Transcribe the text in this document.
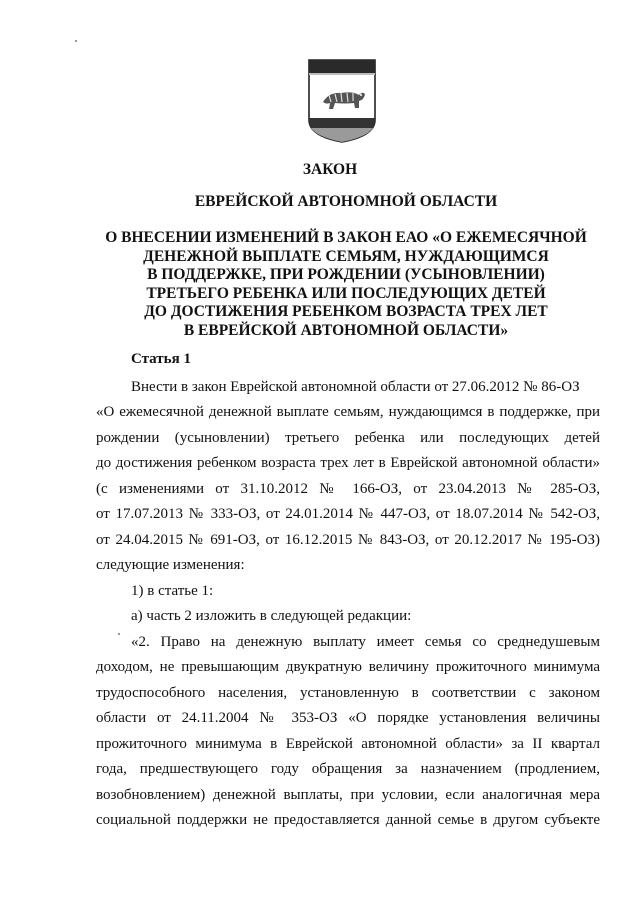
ЗАКОН
ЕВРЕЙСКОЙ АВТОНОМНОЙ ОБЛАСТИ
О ВНЕСЕНИИ ИЗМЕНЕНИЙ В ЗАКОН ЕАО «О ЕЖЕМЕСЯЧНОЙ
ДЕНЕЖНОЙ ВЫПЛАТЕ СЕМЬЯМ, НУЖДАЮЩИМСЯ
В ПОДДЕРЖКЕ, ПРИ РОЖДЕНИИ (УСЫНОВЛЕНИИ)
ТРЕТЬЕГО РЕБЕНКА ИЛИ ПОСЛЕДУЮЩИХ ДЕТЕЙ
ДО ДОСТИЖЕНИЯ РЕБЕНКОМ ВОЗРАСТА ТРЕХ ЛЕТ
В ЕВРЕЙСКОЙ АВТОНОМНОЙ ОБЛАСТИ»
Статья 1
Внести в закон Еврейской автономной области от 27.06.2012 № 86-ОЗ
«О ежемесячной денежной выплате семьям, нуждающимся в поддержке, при
рождении (усыновлении) третьего ребенка или последующих детей
до достижения ребенком возраста трех лет в Еврейской автономной области»
(с изменениями от 31.10.2012 № 166-ОЗ, от 23.04.2013 № 285-ОЗ,
от 17.07.2013 № 333-ОЗ, от 24.01.2014 № 447-ОЗ, от 18.07.2014 № 542-ОЗ,
от 24.04.2015 № 691-ОЗ, от 16.12.2015 № 843-ОЗ, от 20.12.2017 № 195-ОЗ)
следующие изменения:
1) в статье 1:
а) часть 2 изложить в следующей редакции:
«2. Право на денежную выплату имеет семья со среднедушевым
доходом, не превышающим двукратную величину прожиточного минимума
трудоспособного населения, установленную в соответствии с законом
области от 24.11.2004 № 353-ОЗ «О порядке установления величины
прожиточного минимума в Еврейской автономной области» за II квартал
года, предшествующего году обращения за назначением (продлением,
возобновлением) денежной выплаты, при условии, если аналогичная мера
социальной поддержки не предоставляется данной семье в другом субъекте
